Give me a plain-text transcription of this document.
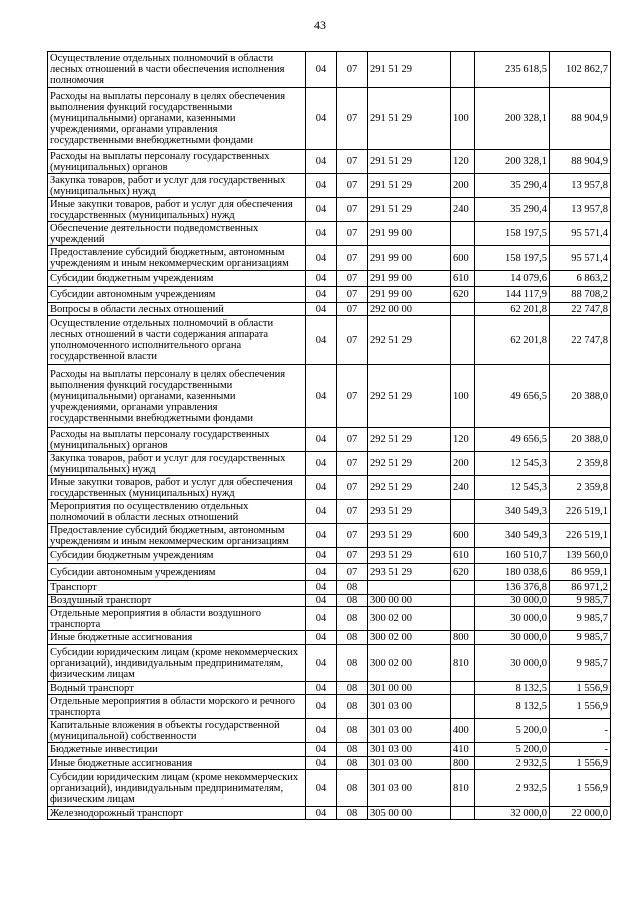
43
Осуществление отдельных полномочий в области лесных отношений в части обеспечения исполнения полномочия	04	07	291 51 29		235 618,5	102 862,7
Расходы на выплаты персоналу в целях обеспечения выполнения функций государственными (муниципальными) органами, казенными учреждениями, органами управления государственными внебюджетными фондами	04	07	291 51 29	100	200 328,1	88 904,9
Расходы на выплаты персоналу государственных (муниципальных) органов	04	07	291 51 29	120	200 328,1	88 904,9
Закупка товаров, работ и услуг для государственных (муниципальных) нужд	04	07	291 51 29	200	35 290,4	13 957,8
Иные закупки товаров, работ и услуг для обеспечения государственных (муниципальных) нужд	04	07	291 51 29	240	35 290,4	13 957,8
Обеспечение деятельности подведомственных учреждений	04	07	291 99 00		158 197,5	95 571,4
Предоставление субсидий бюджетным, автономным учреждениям и иным некоммерческим организациям	04	07	291 99 00	600	158 197,5	95 571,4
Субсидии бюджетным учреждениям	04	07	291 99 00	610	14 079,6	6 863,2
Субсидии автономным учреждениям	04	07	291 99 00	620	144 117,9	88 708,2
Вопросы в области лесных отношений	04	07	292 00 00		62 201,8	22 747,8
Осуществление отдельных полномочий в области лесных отношений в части содержания аппарата уполномоченного исполнительного органа государственной власти	04	07	292 51 29		62 201,8	22 747,8
Расходы на выплаты персоналу в целях обеспечения выполнения функций государственными (муниципальными) органами, казенными учреждениями, органами управления государственными внебюджетными фондами	04	07	292 51 29	100	49 656,5	20 388,0
Расходы на выплаты персоналу государственных (муниципальных) органов	04	07	292 51 29	120	49 656,5	20 388,0
Закупка товаров, работ и услуг для государственных (муниципальных) нужд	04	07	292 51 29	200	12 545,3	2 359,8
Иные закупки товаров, работ и услуг для обеспечения государственных (муниципальных) нужд	04	07	292 51 29	240	12 545,3	2 359,8
Мероприятия по осуществлению отдельных полномочий в области лесных отношений	04	07	293 51 29		340 549,3	226 519,1
Предоставление субсидий бюджетным, автономным учреждениям и иным некоммерческим организациям	04	07	293 51 29	600	340 549,3	226 519,1
Субсидии бюджетным учреждениям	04	07	293 51 29	610	160 510,7	139 560,0
Субсидии автономным учреждениям	04	07	293 51 29	620	180 038,6	86 959,1
Транспорт	04	08			136 376,8	86 971,2
Воздушный транспорт	04	08	300 00 00		30 000,0	9 985,7
Отдельные мероприятия в области воздушного транспорта	04	08	300 02 00		30 000,0	9 985,7
Иные бюджетные ассигнования	04	08	300 02 00	800	30 000,0	9 985,7
Субсидии юридическим лицам (кроме некоммерческих организаций), индивидуальным предпринимателям, физическим лицам	04	08	300 02 00	810	30 000,0	9 985,7
Водный транспорт	04	08	301 00 00		8 132,5	1 556,9
Отдельные мероприятия в области морского и речного транспорта	04	08	301 03 00		8 132,5	1 556,9
Капитальные вложения в объекты государственной (муниципальной) собственности	04	08	301 03 00	400	5 200,0	-
Бюджетные инвестиции	04	08	301 03 00	410	5 200,0	-
Иные бюджетные ассигнования	04	08	301 03 00	800	2 932,5	1 556,9
Субсидии юридическим лицам (кроме некоммерческих организаций), индивидуальным предпринимателям, физическим лицам	04	08	301 03 00	810	2 932,5	1 556,9
Железнодорожный транспорт	04	08	305 00 00		32 000,0	22 000,0
